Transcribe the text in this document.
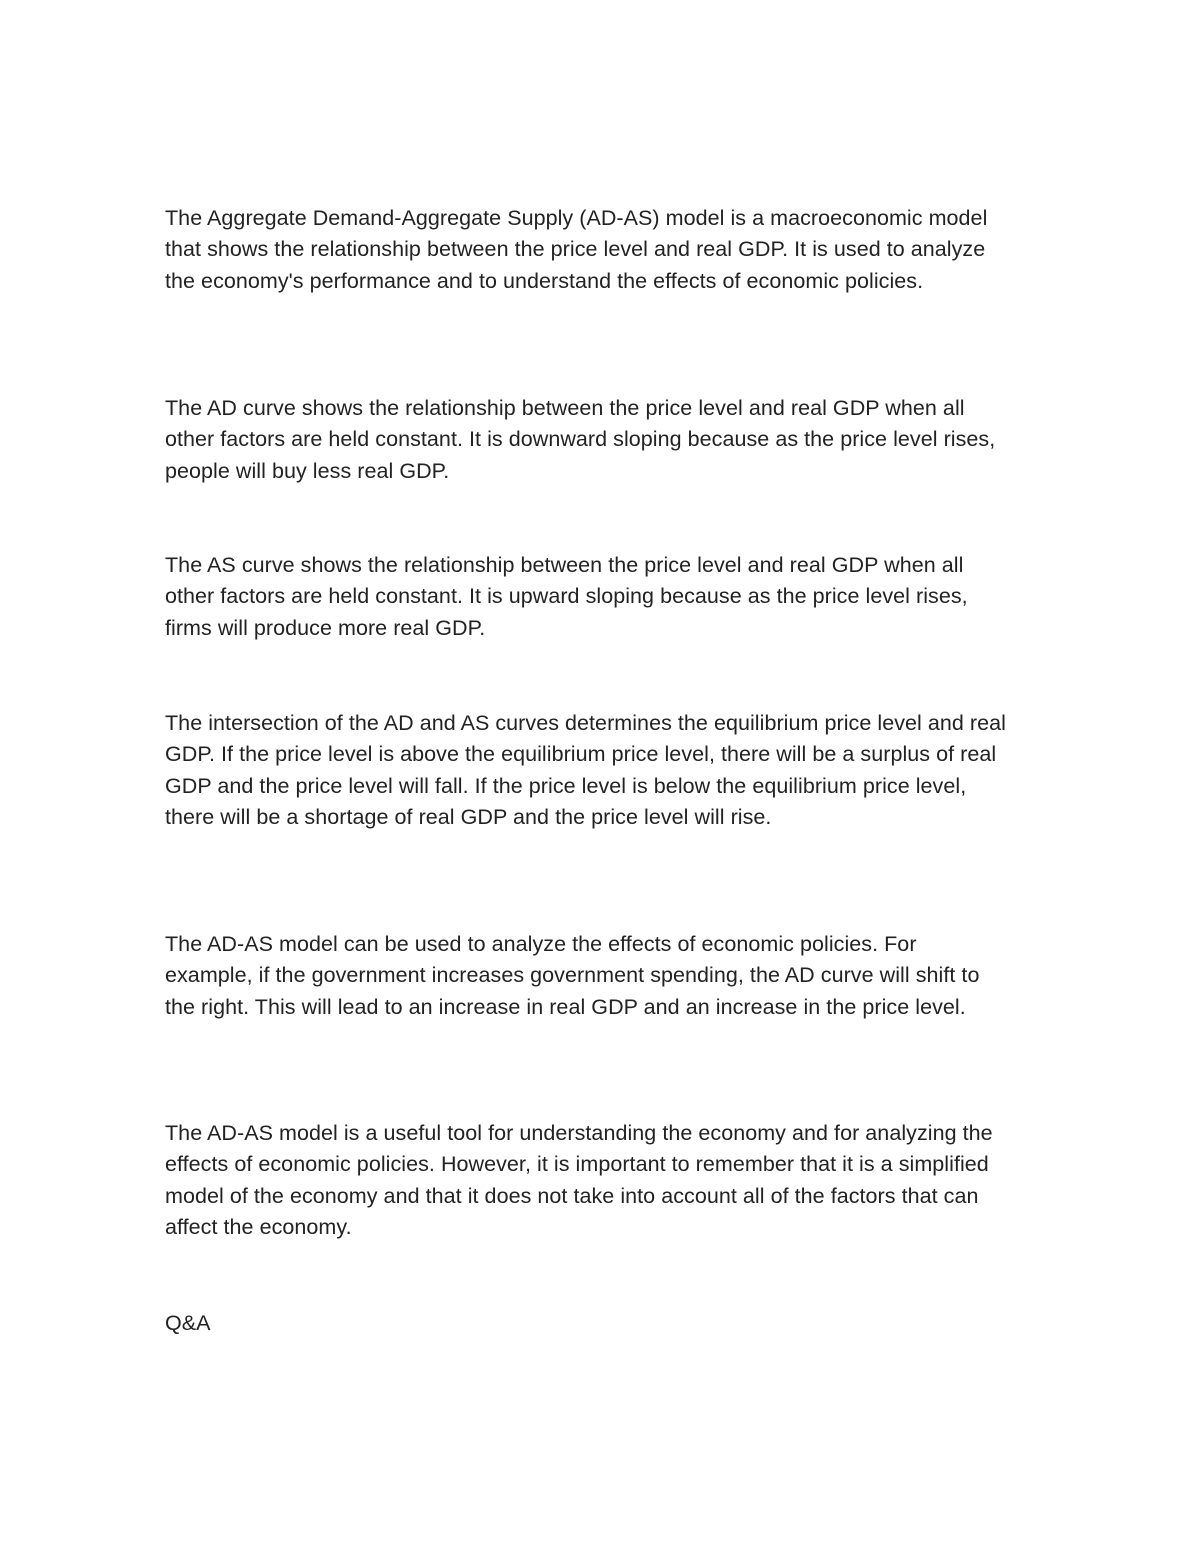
The Aggregate Demand-Aggregate Supply (AD-AS) model is a macroeconomic model that shows the relationship between the price level and real GDP. It is used to analyze the economy's performance and to understand the effects of economic policies.

The AD curve shows the relationship between the price level and real GDP when all other factors are held constant. It is downward sloping because as the price level rises, people will buy less real GDP.

The AS curve shows the relationship between the price level and real GDP when all other factors are held constant. It is upward sloping because as the price level rises, firms will produce more real GDP.

The intersection of the AD and AS curves determines the equilibrium price level and real GDP. If the price level is above the equilibrium price level, there will be a surplus of real GDP and the price level will fall. If the price level is below the equilibrium price level, there will be a shortage of real GDP and the price level will rise.

The AD-AS model can be used to analyze the effects of economic policies. For example, if the government increases government spending, the AD curve will shift to the right. This will lead to an increase in real GDP and an increase in the price level.

The AD-AS model is a useful tool for understanding the economy and for analyzing the effects of economic policies. However, it is important to remember that it is a simplified model of the economy and that it does not take into account all of the factors that can affect the economy.

Q&A
